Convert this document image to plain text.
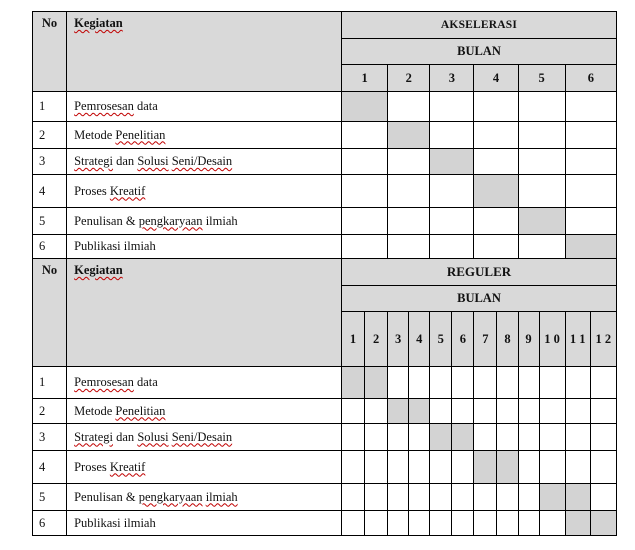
No	Kegiatan	AKSELERASI											
		BULAN											
		1		2		3		4		5		6	
1	Pemrosesan data												
2	Metode Penelitian												
3	Strategi dan Solusi Seni/Desain												
4	Proses Kreatif												
5	Penulisan & pengkaryaan ilmiah												
6	Publikasi ilmiah												
No	Kegiatan	REGULER											
		BULAN											
		1	2	3	4	5	6	7	8	9	1 0	1 1	1 2
1	Pemrosesan data												
2	Metode Penelitian												
3	Strategi dan Solusi Seni/Desain												
4	Proses Kreatif												
5	Penulisan & pengkaryaan ilmiah												
6	Publikasi ilmiah												
